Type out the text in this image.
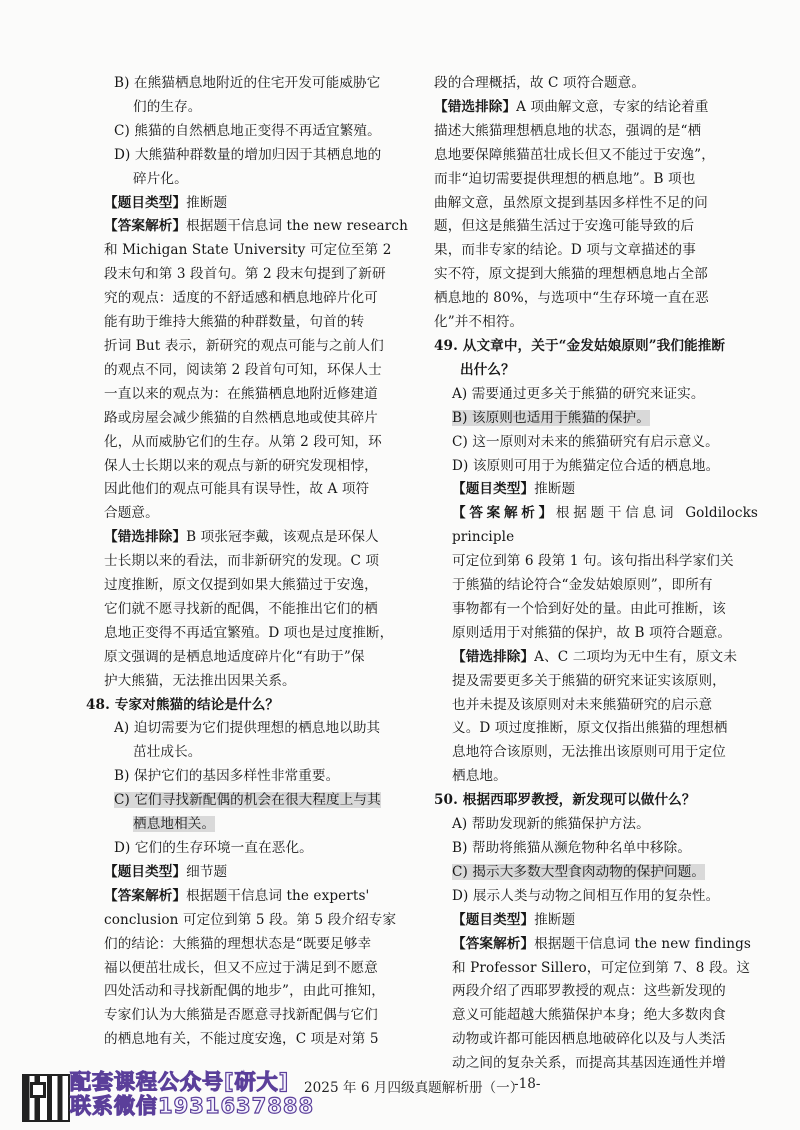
B) 在熊猫栖息地附近的住宅开发可能威胁它
们的生存。
C) 熊猫的自然栖息地正变得不再适宜繁殖。
D) 大熊猫种群数量的增加归因于其栖息地的
碎片化。
【题目类型】推断题
【答案解析】根据题干信息词 the new research
和 Michigan State University 可定位至第 2
段末句和第 3 段首句。第 2 段末句提到了新研
究的观点：适度的不舒适感和栖息地碎片化可
能有助于维持大熊猫的种群数量，句首的转
折词 But 表示，新研究的观点可能与之前人们
的观点不同，阅读第 2 段首句可知，环保人士
一直以来的观点为：在熊猫栖息地附近修建道
路或房屋会减少熊猫的自然栖息地或使其碎片
化，从而威胁它们的生存。从第 2 段可知，环
保人士长期以来的观点与新的研究发现相悖，
因此他们的观点可能具有误导性，故 A 项符
合题意。
【错选排除】B 项张冠李戴，该观点是环保人
士长期以来的看法，而非新研究的发现。C 项
过度推断，原文仅提到如果大熊猫过于安逸，
它们就不愿寻找新的配偶，不能推出它们的栖
息地正变得不再适宜繁殖。D 项也是过度推断，
原文强调的是栖息地适度碎片化“有助于”保
护大熊猫，无法推出因果关系。
48. 专家对熊猫的结论是什么？
A) 迫切需要为它们提供理想的栖息地以助其
茁壮成长。
B) 保护它们的基因多样性非常重要。
C) 它们寻找新配偶的机会在很大程度上与其
栖息地相关。
D) 它们的生存环境一直在恶化。
【题目类型】细节题
【答案解析】根据题干信息词 the experts'
conclusion 可定位到第 5 段。第 5 段介绍专家
们的结论：大熊猫的理想状态是“既要足够幸
福以便茁壮成长，但又不应过于满足到不愿意
四处活动和寻找新配偶的地步”，由此可推知，
专家们认为大熊猫是否愿意寻找新配偶与它们
的栖息地有关，不能过度安逸，C 项是对第 5
段的合理概括，故 C 项符合题意。
【错选排除】A 项曲解文意，专家的结论着重
描述大熊猫理想栖息地的状态，强调的是“栖
息地要保障熊猫茁壮成长但又不能过于安逸”，
而非“迫切需要提供理想的栖息地”。B 项也
曲解文意，虽然原文提到基因多样性不足的问
题，但这是熊猫生活过于安逸可能导致的后
果，而非专家的结论。D 项与文章描述的事
实不符，原文提到大熊猫的理想栖息地占全部
栖息地的 80%，与选项中“生存环境一直在恶
化”并不相符。
49. 从文章中，关于“金发姑娘原则”我们能推断
出什么？
A) 需要通过更多关于熊猫的研究来证实。
B) 该原则也适用于熊猫的保护。
C) 这一原则对未来的熊猫研究有启示意义。
D) 该原则可用于为熊猫定位合适的栖息地。
【题目类型】推断题
【答案解析】根据题干信息词 Goldilocks principle
可定位到第 6 段第 1 句。该句指出科学家们关
于熊猫的结论符合“金发姑娘原则”，即所有
事物都有一个恰到好处的量。由此可推断，该
原则适用于对熊猫的保护，故 B 项符合题意。
【错选排除】A、C 二项均为无中生有，原文未
提及需要更多关于熊猫的研究来证实该原则，
也并未提及该原则对未来熊猫研究的启示意
义。D 项过度推断，原文仅指出熊猫的理想栖
息地符合该原则，无法推出该原则可用于定位
栖息地。
50. 根据西耶罗教授，新发现可以做什么？
A) 帮助发现新的熊猫保护方法。
B) 帮助将熊猫从濒危物种名单中移除。
C) 揭示大多数大型食肉动物的保护问题。
D) 展示人类与动物之间相互作用的复杂性。
【题目类型】推断题
【答案解析】根据题干信息词 the new findings
和 Professor Sillero，可定位到第 7、8 段。这
两段介绍了西耶罗教授的观点：这些新发现的
意义可能超越大熊猫保护本身；绝大多数肉食
动物或许都可能因栖息地破碎化以及与人类活
动之间的复杂关系，而提高其基因连通性并增
配套课程公众号[研大]
联系微信1931637888
2025 年 6 月四级真题解析册（一）
-18-
